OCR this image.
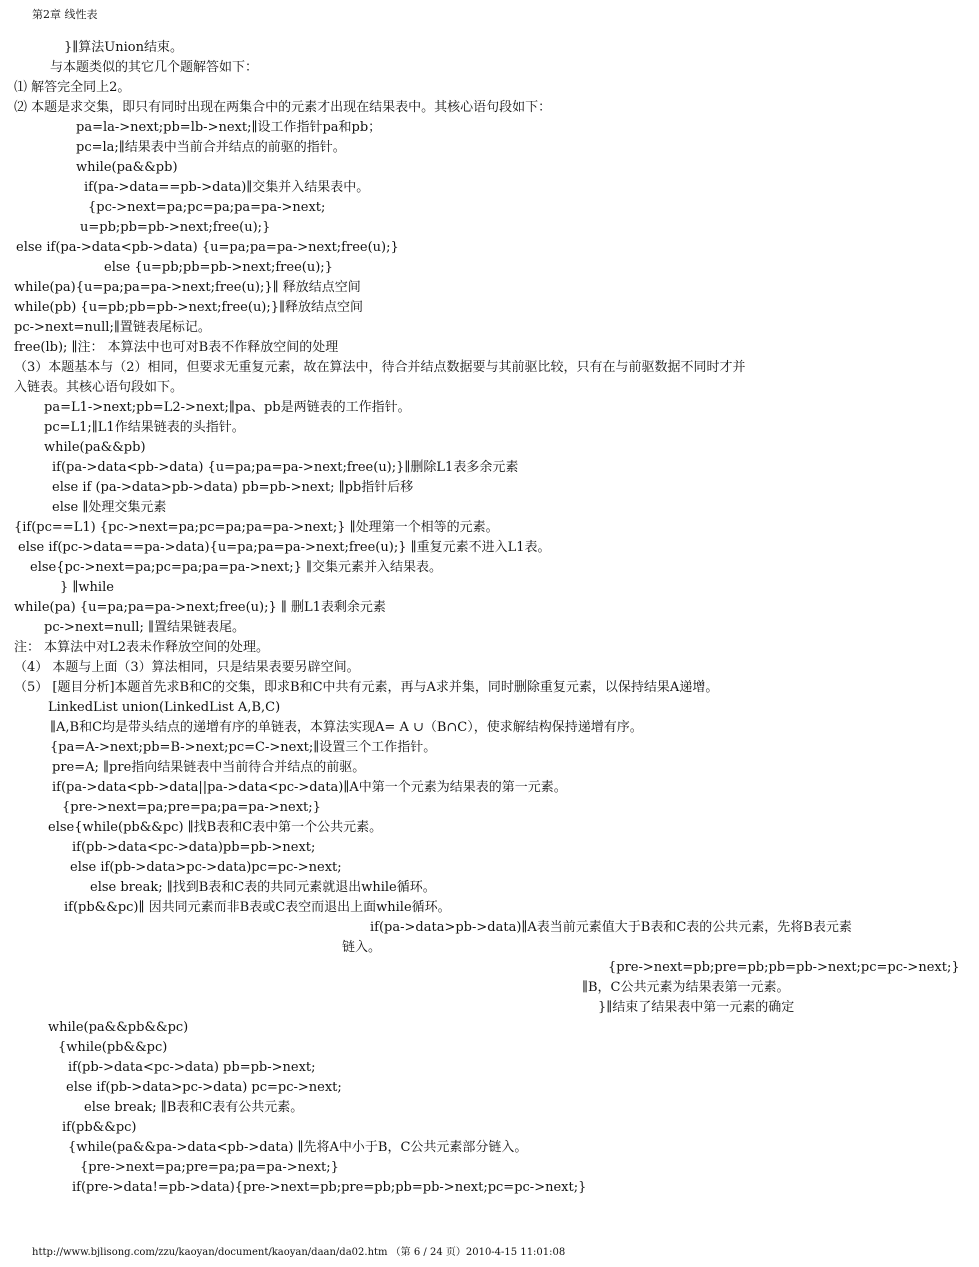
第2章 线性表
}∥算法Union结束。
与本题类似的其它几个题解答如下：
⑴ 解答完全同上2。
⑵ 本题是求交集，即只有同时出现在两集合中的元素才出现在结果表中。其核心语句段如下：
pa=la->next;pb=lb->next;∥设工作指针pa和pb；
pc=la;∥结果表中当前合并结点的前驱的指针。
while(pa&&pb)
if(pa->data==pb->data)∥交集并入结果表中。
{pc->next=pa;pc=pa;pa=pa->next;
u=pb;pb=pb->next;free(u);}
else if(pa->data<pb->data) {u=pa;pa=pa->next;free(u);}
else {u=pb;pb=pb->next;free(u);}
while(pa){u=pa;pa=pa->next;free(u);}∥ 释放结点空间
while(pb) {u=pb;pb=pb->next;free(u);}∥释放结点空间
pc->next=null;∥置链表尾标记。
free(lb); ∥注： 本算法中也可对B表不作释放空间的处理
（3）本题基本与（2）相同，但要求无重复元素，故在算法中，待合并结点数据要与其前驱比较，只有在与前驱数据不同时才并
入链表。其核心语句段如下。
pa=L1->next;pb=L2->next;∥pa、pb是两链表的工作指针。
pc=L1;∥L1作结果链表的头指针。
while(pa&&pb)
if(pa->data<pb->data) {u=pa;pa=pa->next;free(u);}∥删除L1表多余元素
else if (pa->data>pb->data) pb=pb->next; ∥pb指针后移
else ∥处理交集元素
{if(pc==L1) {pc->next=pa;pc=pa;pa=pa->next;} ∥处理第一个相等的元素。
else if(pc->data==pa->data){u=pa;pa=pa->next;free(u);} ∥重复元素不进入L1表。
else{pc->next=pa;pc=pa;pa=pa->next;} ∥交集元素并入结果表。
} ∥while
while(pa) {u=pa;pa=pa->next;free(u);} ∥ 删L1表剩余元素
pc->next=null; ∥置结果链表尾。
注： 本算法中对L2表未作释放空间的处理。
（4） 本题与上面（3）算法相同，只是结果表要另辟空间。
（5） [题目分析]本题首先求B和C的交集，即求B和C中共有元素，再与A求并集，同时删除重复元素，以保持结果A递增。
LinkedList union(LinkedList A,B,C)
∥A,B和C均是带头结点的递增有序的单链表，本算法实现A= A ∪（B∩C），使求解结构保持递增有序。
{pa=A->next;pb=B->next;pc=C->next;∥设置三个工作指针。
pre=A; ∥pre指向结果链表中当前待合并结点的前驱。
if(pa->data<pb->data||pa->data<pc->data)∥A中第一个元素为结果表的第一元素。
{pre->next=pa;pre=pa;pa=pa->next;}
else{while(pb&&pc) ∥找B表和C表中第一个公共元素。
if(pb->data<pc->data)pb=pb->next;
else if(pb->data>pc->data)pc=pc->next;
else break; ∥找到B表和C表的共同元素就退出while循环。
if(pb&&pc)∥ 因共同元素而非B表或C表空而退出上面while循环。
if(pa->data>pb->data)∥A表当前元素值大于B表和C表的公共元素，先将B表元素
链入。
{pre->next=pb;pre=pb;pb=pb->next;pc=pc->next;}
∥B，C公共元素为结果表第一元素。
}∥结束了结果表中第一元素的确定
while(pa&&pb&&pc)
{while(pb&&pc)
if(pb->data<pc->data) pb=pb->next;
else if(pb->data>pc->data) pc=pc->next;
else break; ∥B表和C表有公共元素。
if(pb&&pc)
{while(pa&&pa->data<pb->data) ∥先将A中小于B，C公共元素部分链入。
{pre->next=pa;pre=pa;pa=pa->next;}
if(pre->data!=pb->data){pre->next=pb;pre=pb;pb=pb->next;pc=pc->next;}
http://www.bjlisong.com/zzu/kaoyan/document/kaoyan/daan/da02.htm （第 6 / 24 页）2010-4-15 11:01:08
